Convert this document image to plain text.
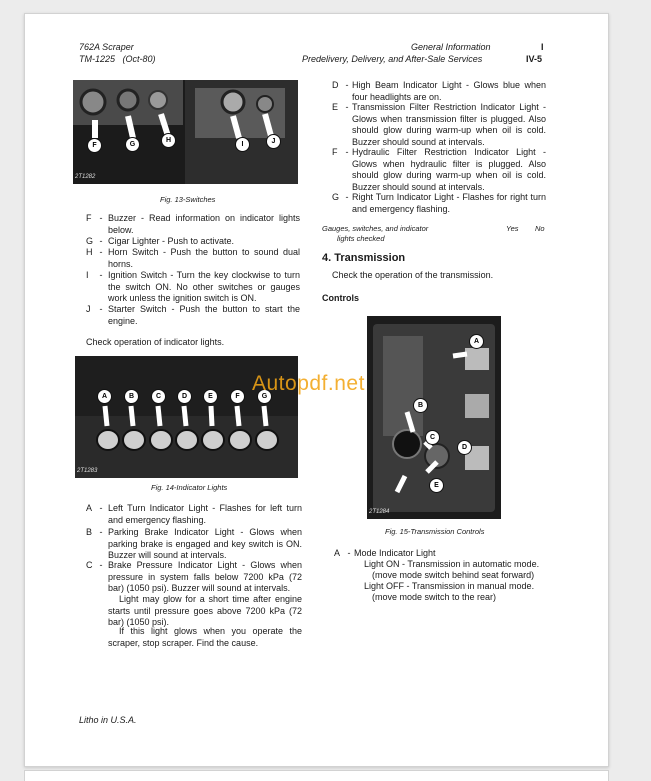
762A Scraper
TM-1225 (Oct-80)
General Information	I
Predelivery, Delivery, and After-Sale Services	IV-5
F	G
H
I	J
2T1282
Fig. 13-Switches
F - Buzzer - Read information on indicator lights below.
G - Cigar Lighter - Push to activate.
H - Horn Switch - Push the button to sound dual horns.
I	- Ignition Switch - Turn the key clockwise to turn the switch ON. No other switches or gauges work unless the ignition switch is ON.
J	- Starter Switch - Push the button to start the engine.
Check operation of indicator lights.
A	B	C	D	E	F	G
2T1283
Fig. 14-Indicator Lights
A - Left Turn Indicator Light - Flashes for left turn and emergency flashing.
B - Parking Brake Indicator Light - Glows when parking brake is engaged and key switch is ON. Buzzer will sound at intervals.
C - Brake Pressure Indicator Light - Glows when pressure in system falls below 7200 kPa (72 bar) (1050 psi). Buzzer will sound at intervals.
Light may glow for a short time after engine starts until pressure goes above 7200 kPa (72 bar) (1050 psi).
If this light glows when you operate the scraper, stop scraper. Find the cause.
D - High Beam Indicator Light - Glows blue when four headlights are on.
E - Transmission Filter Restriction Indicator Light - Glows when transmission filter is plugged. Also should glow during warm-up when oil is cold. Buzzer should sound at intervals.
F - Hydraulic Filter Restriction Indicator Light - Glows when hydraulic filter is plugged. Also should glow during warm-up when oil is cold. Buzzer should sound at intervals.
G - Right Turn Indicator Light - Flashes for right turn and emergency flashing.
Gauges, switches, and indicator
lights checked
Yes No
4. Transmission
Check the operation of the transmission.
Controls
A
B
C
D
E
2T1284
Fig. 15-Transmission Controls
A - Mode Indicator Light
Light ON - Transmission in automatic mode.
(move mode switch behind seat forward)
Light OFF - Transmission in manual mode.
(move mode switch to the rear)
Litho in U.S.A.
Autopdf.net
